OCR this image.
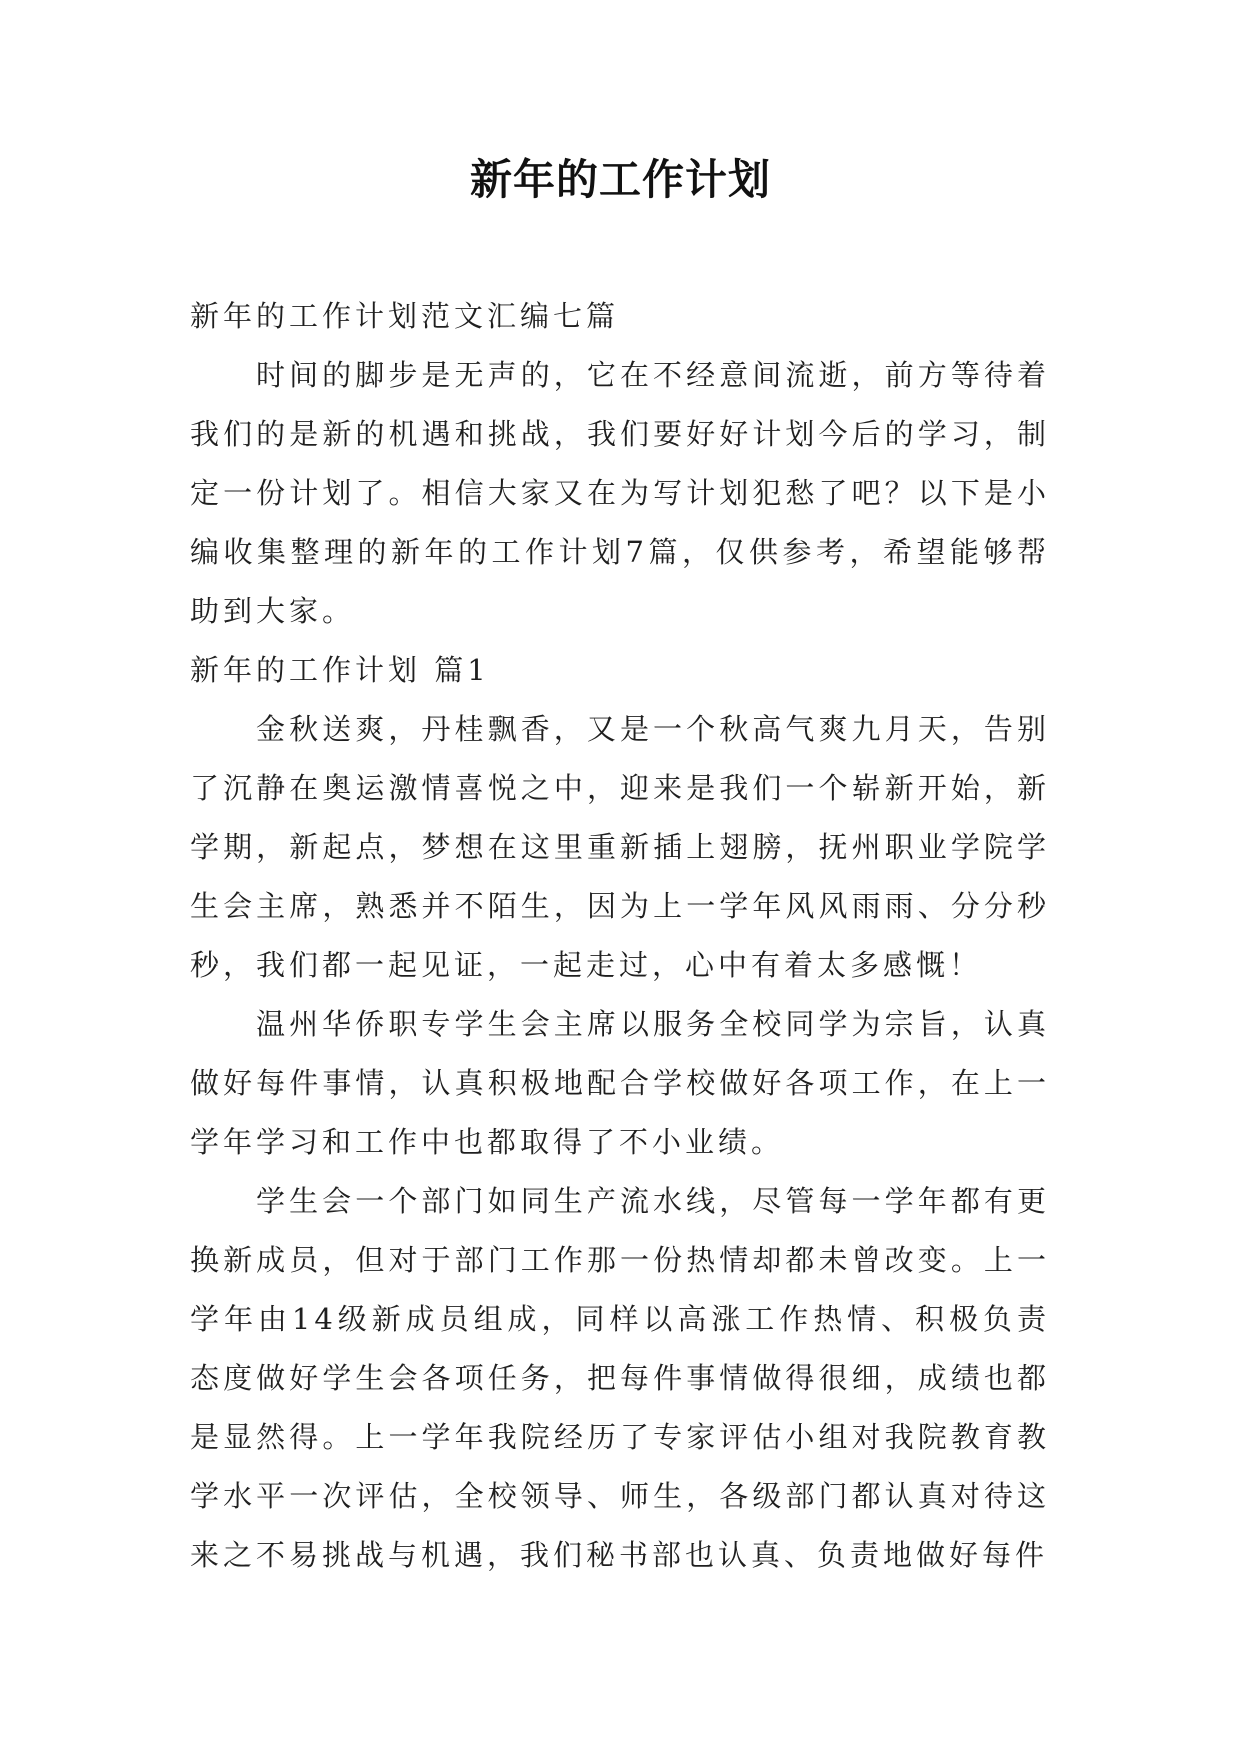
新年的工作计划

新年的工作计划范文汇编七篇

时间的脚步是无声的，它在不经意间流逝，前方等待着我们的是新的机遇和挑战，我们要好好计划今后的学习，制定一份计划了。相信大家又在为写计划犯愁了吧？以下是小编收集整理的新年的工作计划7篇，仅供参考，希望能够帮助到大家。

新年的工作计划 篇1

金秋送爽，丹桂飘香，又是一个秋高气爽九月天，告别了沉静在奥运激情喜悦之中，迎来是我们一个崭新开始，新学期，新起点，梦想在这里重新插上翅膀，抚州职业学院学生会主席，熟悉并不陌生，因为上一学年风风雨雨、分分秒秒，我们都一起见证，一起走过，心中有着太多感慨！

温州华侨职专学生会主席以服务全校同学为宗旨，认真做好每件事情，认真积极地配合学校做好各项工作，在上一学年学习和工作中也都取得了不小业绩。

学生会一个部门如同生产流水线，尽管每一学年都有更换新成员，但对于部门工作那一份热情却都未曾改变。上一学年由14级新成员组成，同样以高涨工作热情、积极负责态度做好学生会各项任务，把每件事情做得很细，成绩也都是显然得。上一学年我院经历了专家评估小组对我院教育教学水平一次评估，全校领导、师生，各级部门都认真对待这来之不易挑战与机遇，我们秘书部也认真、负责地做好每件
